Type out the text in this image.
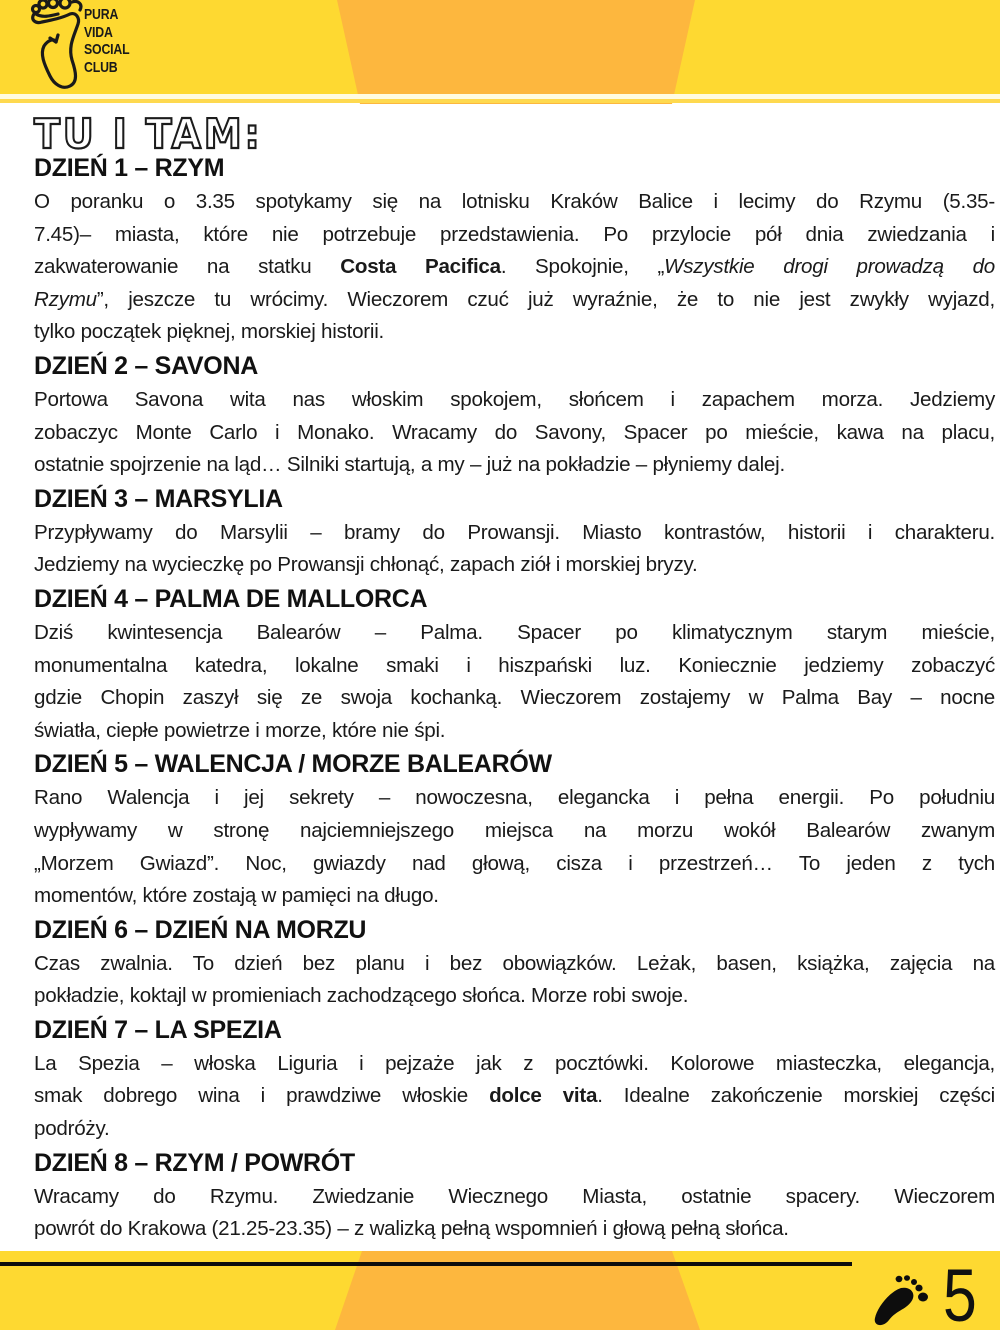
PURA
VIDA
SOCIAL
CLUB
TU I TAM:
DZIEŃ 1 – RZYM
O poranku o 3.35 spotykamy się na lotnisku Kraków Balice i lecimy do Rzymu (5.35-
7.45)– miasta, które nie potrzebuje przedstawienia. Po przylocie pół dnia zwiedzania i
zakwaterowanie na statku Costa Pacifica. Spokojnie, „Wszystkie drogi prowadzą do
Rzymu”, jeszcze tu wrócimy. Wieczorem czuć już wyraźnie, że to nie jest zwykły wyjazd,
tylko początek pięknej, morskiej historii.
DZIEŃ 2 – SAVONA
Portowa Savona wita nas włoskim spokojem, słońcem i zapachem morza. Jedziemy
zobaczyc Monte Carlo i Monako. Wracamy do Savony, Spacer po mieście, kawa na placu,
ostatnie spojrzenie na ląd… Silniki startują, a my – już na pokładzie – płyniemy dalej.
DZIEŃ 3 – MARSYLIA
Przypływamy do Marsylii – bramy do Prowansji. Miasto kontrastów, historii i charakteru.
Jedziemy na wycieczkę po Prowansji chłonąć, zapach ziół i morskiej bryzy.
DZIEŃ 4 – PALMA DE MALLORCA
Dziś kwintesencja Balearów – Palma. Spacer po klimatycznym starym mieście,
monumentalna katedra, lokalne smaki i hiszpański luz. Koniecznie jedziemy zobaczyć
gdzie Chopin zaszył się ze swoja kochanką. Wieczorem zostajemy w Palma Bay – nocne
światła, ciepłe powietrze i morze, które nie śpi.
DZIEŃ 5 – WALENCJA / MORZE BALEARÓW
Rano Walencja i jej sekrety – nowoczesna, elegancka i pełna energii. Po południu
wypływamy w stronę najciemniejszego miejsca na morzu wokół Balearów zwanym
„Morzem Gwiazd”. Noc, gwiazdy nad głową, cisza i przestrzeń… To jeden z tych
momentów, które zostają w pamięci na długo.
DZIEŃ 6 – DZIEŃ NA MORZU
Czas zwalnia. To dzień bez planu i bez obowiązków. Leżak, basen, książka, zajęcia na
pokładzie, koktajl w promieniach zachodzącego słońca. Morze robi swoje.
DZIEŃ 7 – LA SPEZIA
La Spezia – włoska Liguria i pejzaże jak z pocztówki. Kolorowe miasteczka, elegancja,
smak dobrego wina i prawdziwe włoskie dolce vita. Idealne zakończenie morskiej części
podróży.
DZIEŃ 8 – RZYM / POWRÓT
Wracamy do Rzymu. Zwiedzanie Wiecznego Miasta, ostatnie spacery. Wieczorem
powrót do Krakowa (21.25-23.35) – z walizką pełną wspomnień i głową pełną słońca.
5
